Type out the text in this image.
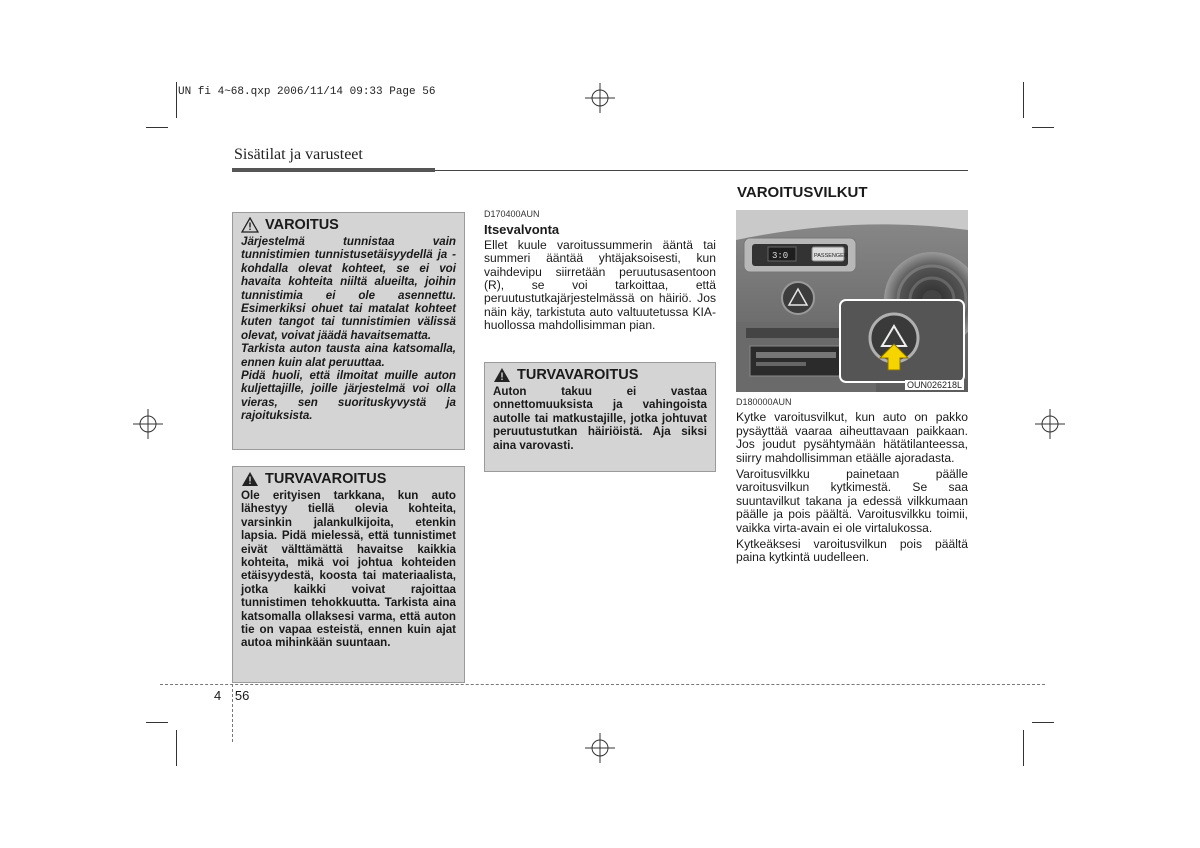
UN fi 4~68.qxp 2006/11/14 09:33 Page 56
Sisätilat ja varusteet
VAROITUS

Järjestelmä tunnistaa vain tunnistimien tunnistusetäisyydellä ja -kohdalla olevat kohteet, se ei voi havaita kohteita niiltä alueilta, joihin tunnistimia ei ole asennettu. Esimerkiksi ohuet tai matalat kohteet kuten tangot tai tunnistimien välissä olevat, voivat jäädä havaitsematta.

Tarkista auton tausta aina katsomalla, ennen kuin alat peruuttaa.

Pidä huoli, että ilmoitat muille auton kuljettajille, joille järjestelmä voi olla vieras, sen suorituskyvystä ja rajoituksista.

TURVAVAROITUS

Ole erityisen tarkkana, kun auto lähestyy tiellä olevia kohteita, varsinkin jalankulkijoita, etenkin lapsia. Pidä mielessä, että tunnistimet eivät välttämättä havaitse kaikkia kohteita, mikä voi johtua kohteiden etäisyydestä, koosta tai materiaalista, jotka kaikki voivat rajoittaa tunnistimen tehokkuutta. Tarkista aina katsomalla ollaksesi varma, että auton tie on vapaa esteistä, ennen kuin ajat autoa mihinkään suuntaan.

D170400AUN
Itsevalvonta

Ellet kuule varoitussummerin ääntä tai summeri ääntää yhtäjaksoisesti, kun vaihdevipu siirretään peruutusasentoon (R), se voi tarkoittaa, että peruutustutkajärjestelmässä on häiriö. Jos näin käy, tarkistuta auto valtuutetussa KIA-huollossa mahdollisimman pian.

TURVAVAROITUS

Auton takuu ei vastaa onnettomuuksista ja vahingoista autolle tai matkustajille, jotka johtuvat peruutustutkan häiriöistä. Aja siksi aina varovasti.

VAROITUSVILKUT
3:0	PASSENGER
OUN026218L
D180000AUN

Kytke varoitusvilkut, kun auto on pakko pysäyttää vaaraa aiheuttavaan paikkaan. Jos joudut pysähtymään hätätilanteessa, siirry mahdollisimman etäälle ajoradasta.

Varoitusvilkku painetaan päälle varoitusvilkun kytkimestä. Se saa suuntavilkut takana ja edessä vilkkumaan päälle ja pois päältä. Varoitusvilkku toimii, vaikka virta-avain ei ole virtalukossa.

Kytkeäksesi varoitusvilkun pois päältä paina kytkintä uudelleen.

4 56
